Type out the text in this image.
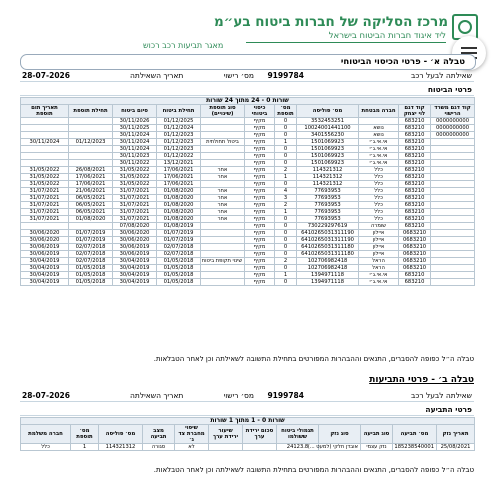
מרכז הסליקה של חברות ביטוח בע״מ
ליד איגוד חברות הביטוח בישראל
מאגר תביעות רכב רכוש
טבלה א׳ - פרטי הכיסוי הביטוחי
שאילתה לבעל רכב
מס׳ רישוי 9199784
תאריך השאילתה
28-07-2026
פרטי הביטוח
שורות 0 - 24 מתוך 24 שורות										
קוד דגם משרד הרישוי	קוד דגם לוי יצחק	חברה מבטחת	מס׳ פוליסה	מס׳ תוספת	כיסוי ביטוחי	סוג תוספת (שינויים)	תחילת ביטוח	סיום ביטוח	תחילת תוספת	תאריך תום תוספת
0000000000	683210		3532453251	0	מקיף		01/12/2025	30/11/2026		
0000000000	683210	נושא	10024001441100	0	מקיף		01/12/2024	30/11/2025		
0000000000	683210	נושא	3401556230	0	מקיף		01/12/2023	30/11/2024		
	683210	אי.אי.ג׳י	1501069923	1	מקיף	ביטול תחולתית	01/12/2023	30/11/2024	01/12/2023	30/11/2024
	683210	אי.אי.ג׳י	1501069923	0	מקיף		01/12/2023	30/11/2024		
	683210	אי.אי.ג׳י	1501069923	0	מקיף		01/12/2022	30/11/2023		
	683210	אי.אי.ג׳י	1501069923	0	מקיף		13/12/2021	30/11/2022		
	683210	כלל	114321312	2	מקיף	אחר	17/06/2021	31/05/2022	26/08/2021	31/05/2022
	683210	כלל	114321312	1	מקיף	אחר	17/06/2021	31/05/2022	17/06/2021	31/05/2022
	683210	כלל	114321312	0	מקיף		17/06/2021	31/05/2022	17/06/2021	31/05/2022
	683210	כלל	77693953	4	מקיף	אחר	01/08/2020	31/07/2021	21/06/2021	31/07/2021
	683210	כלל	77693953	3	מקיף	אחר	01/08/2020	31/07/2021	06/05/2021	31/07/2021
	683210	כלל	77693953	2	מקיף	אחר	01/08/2020	31/07/2021	06/05/2021	31/07/2021
	683210	כלל	77693953	1	מקיף	אחר	01/08/2020	31/07/2021	06/05/2021	31/07/2021
	683210	כלל	77693953	0	מקיף	אחר	01/08/2020	31/07/2021	01/08/2020	31/07/2021
	683210	שומרה	730229297619	0	מקיף		01/08/2019	07/08/2020		
	0683210	איילון	6410265031311190	0	מקיף		01/07/2019	30/06/2020	01/07/2019	30/06/2020
	0683210	איילון	6410265031311190	0	מקיף		01/07/2019	30/06/2020	01/07/2019	30/06/2020
	0683210	איילון	6410265031311180	0	מקיף		02/07/2018	30/06/2019	02/07/2018	30/06/2019
	0683210	איילון	6410265031311180	0	מקיף		02/07/2018	30/06/2019	02/07/2018	30/06/2019
	0683210	הראל	102706982418	2	מקיף	שינוי תקופת ביטוח	01/05/2018	30/04/2019	02/07/2018	30/04/2019
	0683210	הראל	102706982418	0	מקיף		01/05/2018	30/04/2019	01/05/2018	30/04/2019
	683210	אי.אי.ג׳י	1394971118	1	מקיף		01/05/2018	30/04/2019	01/05/2018	30/04/2019
	683210	אי.אי.ג׳י	1394971118	0	מקיף		01/05/2018	30/04/2019	01/05/2018	30/04/2019
טבלה ה״ל כפופה להסברים, התנאים וההבהרות המפורטים בתחילת התשובה לשאילתה וכן לאחר הטבלאות.
טבלה ב׳ - פרטי התביעות
שאילתה לבעל רכב
מס׳ רישוי 9199784
תאריך השאילתה
28-07-2026
פרטי התביעה
שורות 0 - 1 מתוך 1 שורות											
תאריך נזק	מס׳ תביעה	סוג תביעה	סוג נזק	תגמולי ביטוח ששולמו	סכום ירידת ערך	שיעור ירידת ערך	שיפוי מחברת צד ג׳	מצב תביעה	מס׳ פוליסה	מס׳ תוספת	חברה משלמת
25/08/2021	185238540001	נזק עצמי	אובדן חלקי (למעט ...)	24123.8			לא	סגורה	114321312	1	כלל
טבלה ה״ל כפופה להסברים, התנאים וההבהרות המפורטים בתחילת התשובה לשאילתה וכן לאחר הטבלאות.
